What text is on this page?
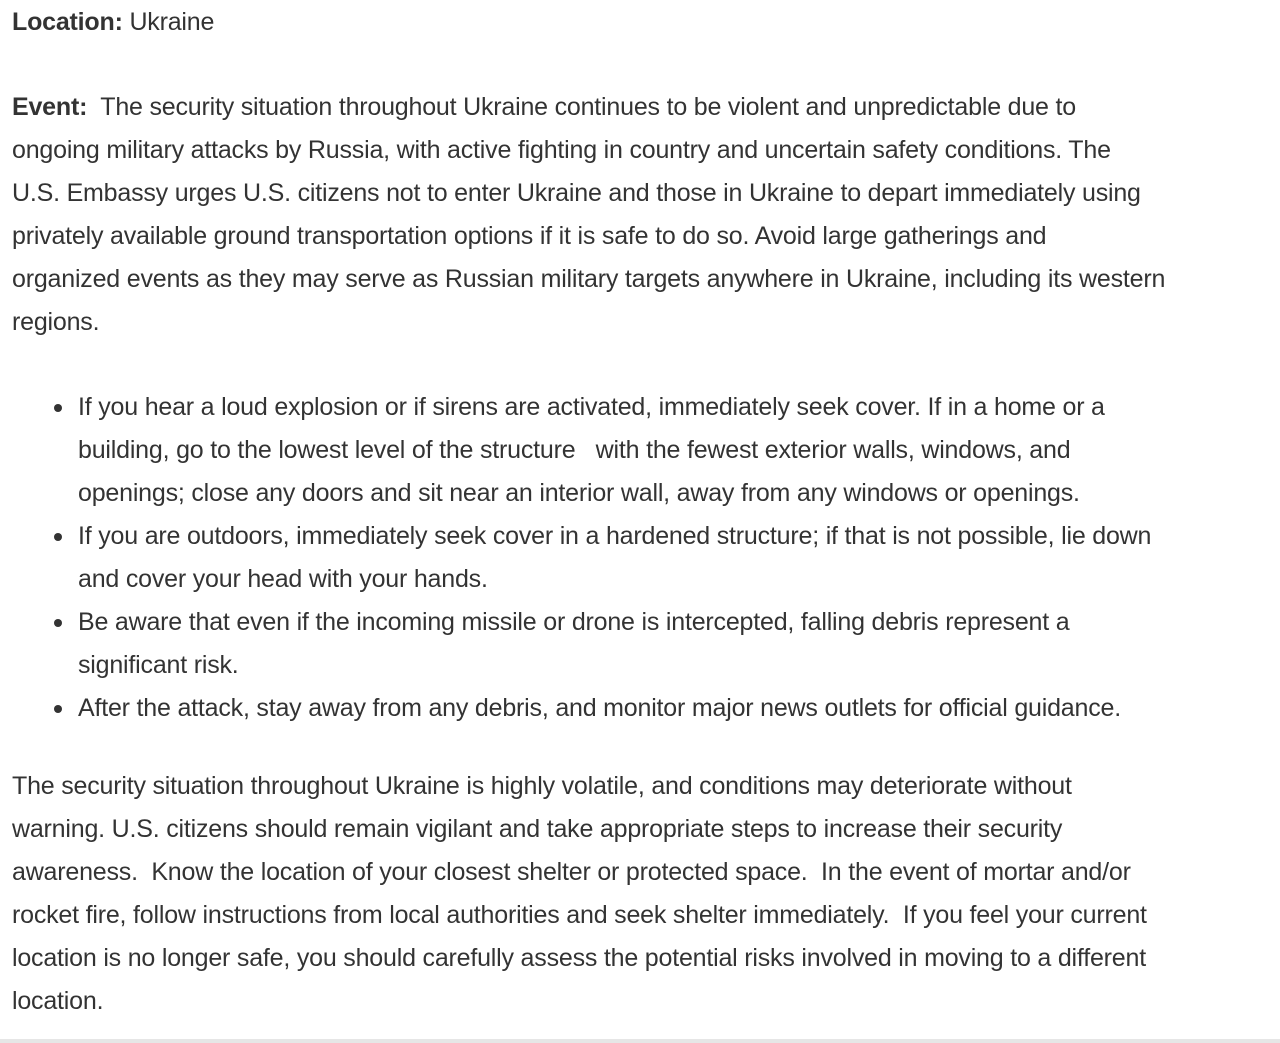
Location: Ukraine

Event:  The security situation throughout Ukraine continues to be violent and unpredictable due to

ongoing military attacks by Russia, with active fighting in country and uncertain safety conditions. The

U.S. Embassy urges U.S. citizens not to enter Ukraine and those in Ukraine to depart immediately using

privately available ground transportation options if it is safe to do so. Avoid large gatherings and

organized events as they may serve as Russian military targets anywhere in Ukraine, including its western

regions.

If you hear a loud explosion or if sirens are activated, immediately seek cover. If in a home or a

building, go to the lowest level of the structure   with the fewest exterior walls, windows, and

openings; close any doors and sit near an interior wall, away from any windows or openings.

If you are outdoors, immediately seek cover in a hardened structure; if that is not possible, lie down

and cover your head with your hands.

Be aware that even if the incoming missile or drone is intercepted, falling debris represent a

significant risk.

After the attack, stay away from any debris, and monitor major news outlets for official guidance.

The security situation throughout Ukraine is highly volatile, and conditions may deteriorate without

warning. U.S. citizens should remain vigilant and take appropriate steps to increase their security

awareness.  Know the location of your closest shelter or protected space.  In the event of mortar and/or

rocket fire, follow instructions from local authorities and seek shelter immediately.  If you feel your current

location is no longer safe, you should carefully assess the potential risks involved in moving to a different

location.
